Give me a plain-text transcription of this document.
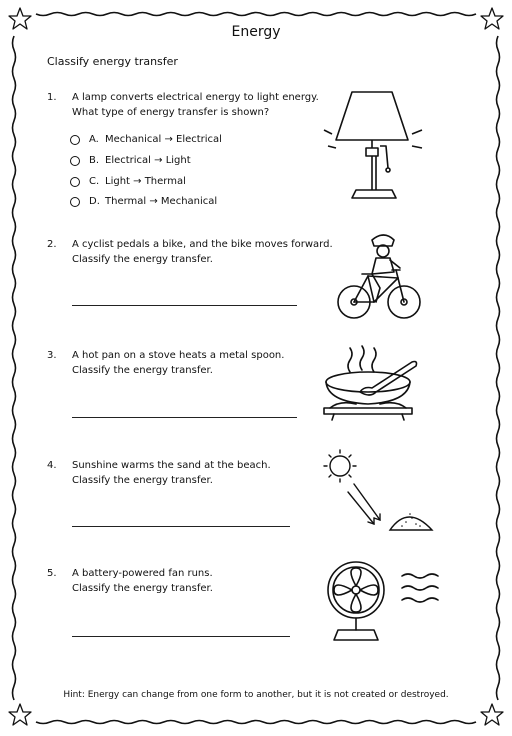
Energy
Classify energy transfer
1.	A lamp converts electrical energy to light energy.
What type of energy transfer is shown?
A. Mechanical → Electrical
B. Electrical → Light
C. Light → Thermal
D. Thermal → Mechanical
2.	A cyclist pedals a bike, and the bike moves forward.
Classify the energy transfer.
3.	A hot pan on a stove heats a metal spoon.
Classify the energy transfer.
4.	Sunshine warms the sand at the beach.
Classify the energy transfer.
5.	A battery-powered fan runs.
Classify the energy transfer.
Hint: Energy can change from one form to another, but it is not created or destroyed.
